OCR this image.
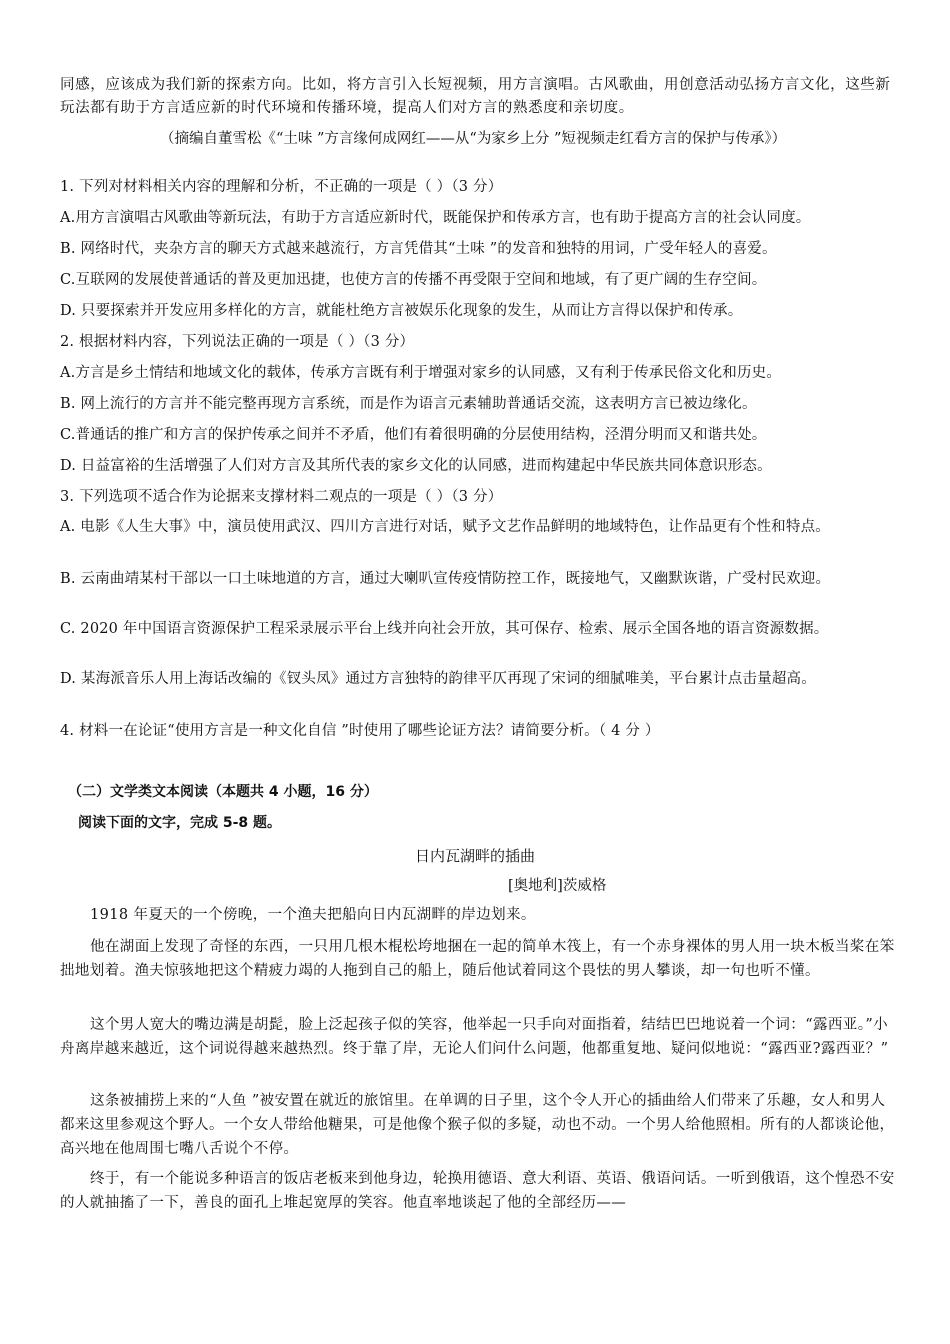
同感，应该成为我们新的探索方向。比如，将方言引入长短视频，用方言演唱。古风歌曲，用创意活动弘扬方言文化，这些新玩法都有助于方言适应新的时代环境和传播环境，提高人们对方言的熟悉度和亲切度。

（摘编自董雪松《“土味 ”方言缘何成网红——从“为家乡上分 ”短视频走红看方言的保护与传承》）

1. 下列对材料相关内容的理解和分析，不正确的一项是（ ）（3 分）

A.用方言演唱古风歌曲等新玩法，有助于方言适应新时代，既能保护和传承方言，也有助于提高方言的社会认同度。

B. 网络时代，夹杂方言的聊天方式越来越流行，方言凭借其“土味 ”的发音和独特的用词，广受年轻人的喜爱。

C.互联网的发展使普通话的普及更加迅捷，也使方言的传播不再受限于空间和地域，有了更广阔的生存空间。

D. 只要探索并开发应用多样化的方言，就能杜绝方言被娱乐化现象的发生，从而让方言得以保护和传承。

2. 根据材料内容，下列说法正确的一项是（ ）（3 分）

A.方言是乡土情结和地域文化的载体，传承方言既有利于增强对家乡的认同感，又有利于传承民俗文化和历史。

B. 网上流行的方言并不能完整再现方言系统，而是作为语言元素辅助普通话交流，这表明方言已被边缘化。

C.普通话的推广和方言的保护传承之间并不矛盾，他们有着很明确的分层使用结构，泾渭分明而又和谐共处。

D. 日益富裕的生活增强了人们对方言及其所代表的家乡文化的认同感，进而构建起中华民族共同体意识形态。

3. 下列选项不适合作为论据来支撑材料二观点的一项是（ ）（3 分）

A. 电影《人生大事》中，演员使用武汉、四川方言进行对话，赋予文艺作品鲜明的地域特色，让作品更有个性和特点。

B. 云南曲靖某村干部以一口土味地道的方言，通过大喇叭宣传疫情防控工作，既接地气，又幽默诙谐，广受村民欢迎。

C. 2020 年中国语言资源保护工程采录展示平台上线并向社会开放，其可保存、检索、展示全国各地的语言资源数据。

D. 某海派音乐人用上海话改编的《钗头凤》通过方言独特的韵律平仄再现了宋词的细腻唯美，平台累计点击量超高。

4. 材料一在论证“使用方言是一种文化自信 ”时使用了哪些论证方法？请简要分析。（ 4 分 ）

（二）文学类文本阅读（本题共 4 小题，16 分）

阅读下面的文字，完成 5-8 题。

日内瓦湖畔的插曲
[奥地利]茨威格

1918 年夏天的一个傍晚，一个渔夫把船向日内瓦湖畔的岸边划来。

他在湖面上发现了奇怪的东西，一只用几根木棍松垮地捆在一起的简单木筏上，有一个赤身裸体的男人用一块木板当桨在笨拙地划着。渔夫惊骇地把这个精疲力竭的人拖到自己的船上，随后他试着同这个畏怯的男人攀谈，却一句也听不懂。

这个男人宽大的嘴边满是胡髭，脸上泛起孩子似的笑容，他举起一只手向对面指着，结结巴巴地说着一个词：“露西亚。”小舟离岸越来越近，这个词说得越来越热烈。终于靠了岸，无论人们问什么问题，他都重复地、疑问似地说：“露西亚?露西亚？”

这条被捕捞上来的“人鱼 ”被安置在就近的旅馆里。在单调的日子里，这个令人开心的插曲给人们带来了乐趣，女人和男人都来这里参观这个野人。一个女人带给他糖果，可是他像个猴子似的多疑，动也不动。一个男人给他照相。所有的人都谈论他，高兴地在他周围七嘴八舌说个不停。

终于，有一个能说多种语言的饭店老板来到他身边，轮换用德语、意大利语、英语、俄语问话。一听到俄语，这个惶恐不安的人就抽搐了一下，善良的面孔上堆起宽厚的笑容。他直率地谈起了他的全部经历——
